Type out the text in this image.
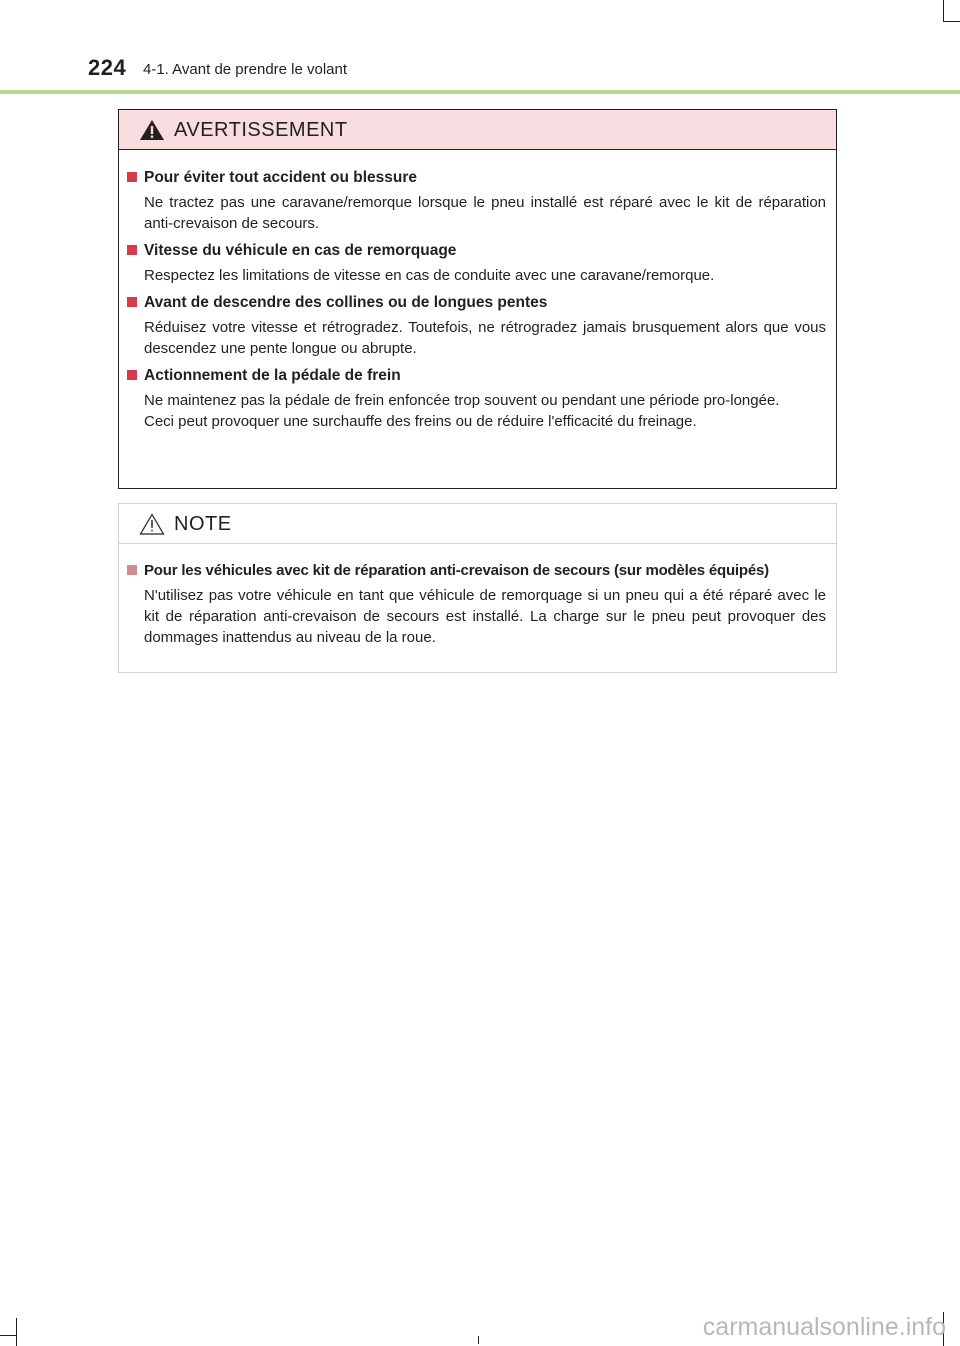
224 4-1. Avant de prendre le volant
AVERTISSEMENT
Pour éviter tout accident ou blessure

Ne tractez pas une caravane/remorque lorsque le pneu installé est réparé avec le kit de réparation anti-crevaison de secours.

Vitesse du véhicule en cas de remorquage

Respectez les limitations de vitesse en cas de conduite avec une caravane/remorque.

Avant de descendre des collines ou de longues pentes

Réduisez votre vitesse et rétrogradez. Toutefois, ne rétrogradez jamais brusquement alors que vous descendez une pente longue ou abrupte.

Actionnement de la pédale de frein

Ne maintenez pas la pédale de frein enfoncée trop souvent ou pendant une période pro-longée.

Ceci peut provoquer une surchauffe des freins ou de réduire l'efficacité du freinage.

NOTE
Pour les véhicules avec kit de réparation anti-crevaison de secours (sur modèles équipés)

N'utilisez pas votre véhicule en tant que véhicule de remorquage si un pneu qui a été réparé avec le kit de réparation anti-crevaison de secours est installé. La charge sur le pneu peut provoquer des dommages inattendus au niveau de la roue.

carmanualsonline.info
